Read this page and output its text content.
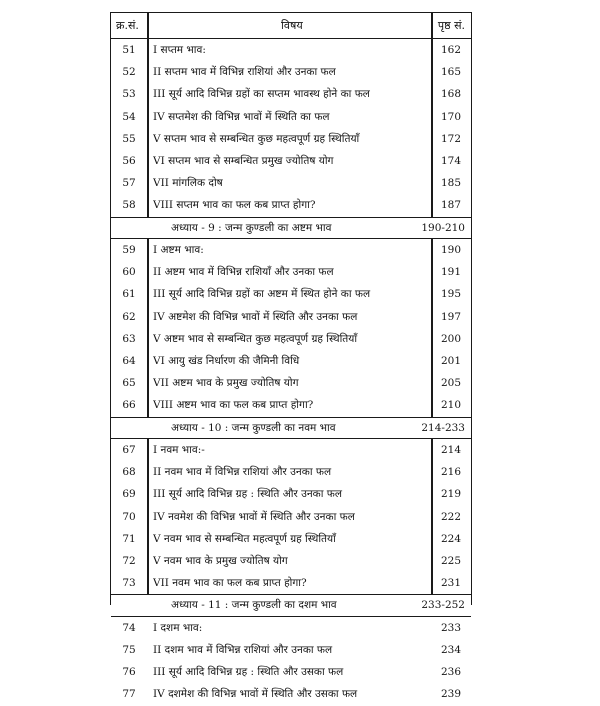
क्र.सं.	विषय	पृष्ठ सं.
51	I सप्तम भाव:	162
52	II सप्तम भाव में विभिन्न राशियां और उनका फल	165
53	III सूर्य आदि विभिन्न ग्रहों का सप्तम भावस्थ होने का फल	168
54	IV सप्तमेश की विभिन्न भावों में स्थिति का फल	170
55	V सप्तम भाव से सम्बन्धित कुछ महत्वपूर्ण ग्रह स्थितियाँ	172
56	VI सप्तम भाव से सम्बन्धित प्रमुख ज्योतिष योग	174
57	VII मांगलिक दोष	185
58	VIII सप्तम भाव का फल कब प्राप्त होगा?	187
अध्याय - 9 : जन्म कुण्डली का अष्टम भाव	190-210
59	I अष्टम भाव:	190
60	II अष्टम भाव में विभिन्न राशियाँ और उनका फल	191
61	III सूर्य आदि विभिन्न ग्रहों का अष्टम में स्थित होने का फल	195
62	IV अष्टमेश की विभिन्न भावों में स्थिति और उनका फल	197
63	V अष्टम भाव से सम्बन्धित कुछ महत्वपूर्ण ग्रह स्थितियाँ	200
64	VI आयु खंड निर्धारण की जैमिनी विधि	201
65	VII अष्टम भाव के प्रमुख ज्योतिष योग	205
66	VIII अष्टम भाव का फल कब प्राप्त होगा?	210
अध्याय - 10 : जन्म कुण्डली का नवम भाव	214-233
67	I नवम भाव:-	214
68	II नवम भाव में विभिन्न राशियां और उनका फल	216
69	III सूर्य आदि विभिन्न ग्रह : स्थिति और उनका फल	219
70	IV नवमेश की विभिन्न भावों में स्थिति और उनका फल	222
71	V नवम भाव से सम्बन्धित महत्वपूर्ण ग्रह स्थितियाँ	224
72	V नवम भाव के प्रमुख ज्योतिष योग	225
73	VII नवम भाव का फल कब प्राप्त होगा?	231
अध्याय - 11 : जन्म कुण्डली का दशम भाव	233-252
74	I दशम भाव:	233
75	II दशम भाव में विभिन्न राशियां और उनका फल	234
76	III सूर्य आदि विभिन्न ग्रह : स्थिति और उसका फल	236
77	IV दशमेश की विभिन्न भावों में स्थिति और उसका फल	239
